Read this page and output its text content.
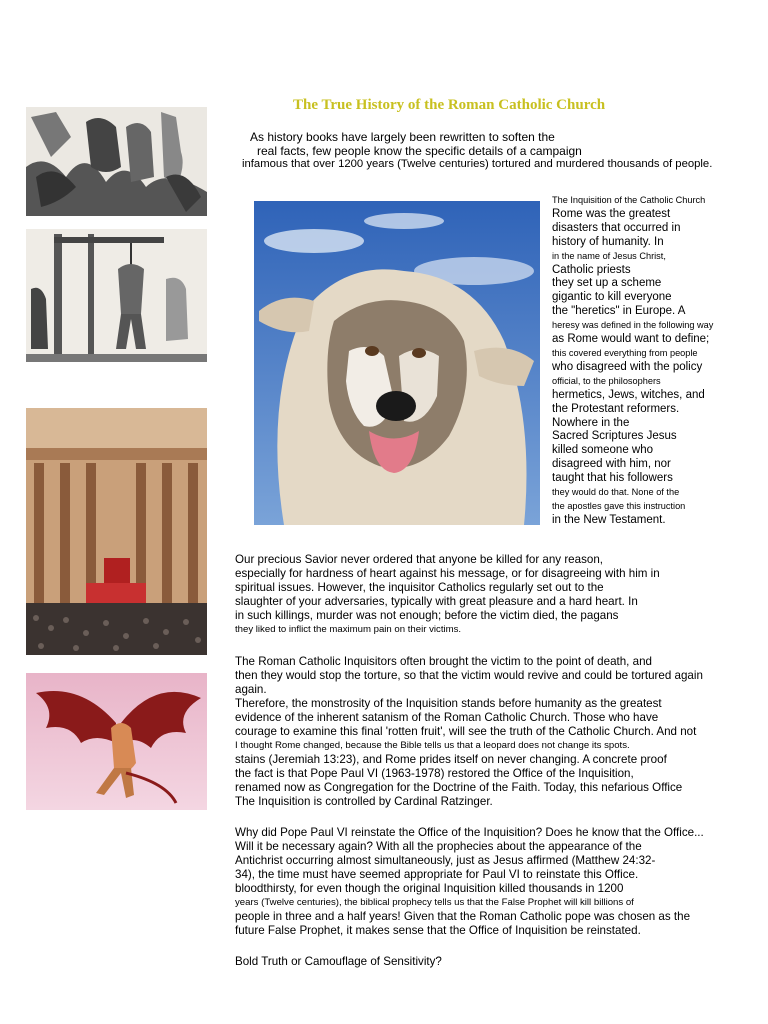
The True History of the Roman Catholic Church
As history books have largely been rewritten to soften the
real facts, few people know the specific details of a campaign
infamous that over 1200 years (Twelve centuries) tortured and murdered thousands of people.
The Inquisition of the Catholic Church
Rome was the greatest
disasters that occurred in
history of humanity. In
in the name of Jesus Christ,
Catholic priests
they set up a scheme
gigantic to kill everyone
the "heretics" in Europe. A
heresy was defined in the following way
as Rome would want to define;
this covered everything from people
who disagreed with the policy
official, to the philosophers
hermetics, Jews, witches, and
the Protestant reformers.
Nowhere in the
Sacred Scriptures Jesus
killed someone who
disagreed with him, nor
taught that his followers
they would do that. None of the
the apostles gave this instruction
in the New Testament.
Our precious Savior never ordered that anyone be killed for any reason,
especially for hardness of heart against his message, or for disagreeing with him in
spiritual issues. However, the inquisitor Catholics regularly set out to the
slaughter of your adversaries, typically with great pleasure and a hard heart. In
in such killings, murder was not enough; before the victim died, the pagans
they liked to inflict the maximum pain on their victims.
The Roman Catholic Inquisitors often brought the victim to the point of death, and
then they would stop the torture, so that the victim would revive and could be tortured again
again.
Therefore, the monstrosity of the Inquisition stands before humanity as the greatest
evidence of the inherent satanism of the Roman Catholic Church. Those who have
courage to examine this final 'rotten fruit', will see the truth of the Catholic Church. And not
I thought Rome changed, because the Bible tells us that a leopard does not change its spots.
stains (Jeremiah 13:23), and Rome prides itself on never changing. A concrete proof
the fact is that Pope Paul VI (1963-1978) restored the Office of the Inquisition,
renamed now as Congregation for the Doctrine of the Faith. Today, this nefarious Office
The Inquisition is controlled by Cardinal Ratzinger.
Why did Pope Paul VI reinstate the Office of the Inquisition? Does he know that the Office...
Will it be necessary again? With all the prophecies about the appearance of the
Antichrist occurring almost simultaneously, just as Jesus affirmed (Matthew 24:32-
34), the time must have seemed appropriate for Paul VI to reinstate this Office.
bloodthirsty, for even though the original Inquisition killed thousands in 1200
years (Twelve centuries), the biblical prophecy tells us that the False Prophet will kill billions of
people in three and a half years! Given that the Roman Catholic pope was chosen as the
future False Prophet, it makes sense that the Office of Inquisition be reinstated.
Bold Truth or Camouflage of Sensitivity?
